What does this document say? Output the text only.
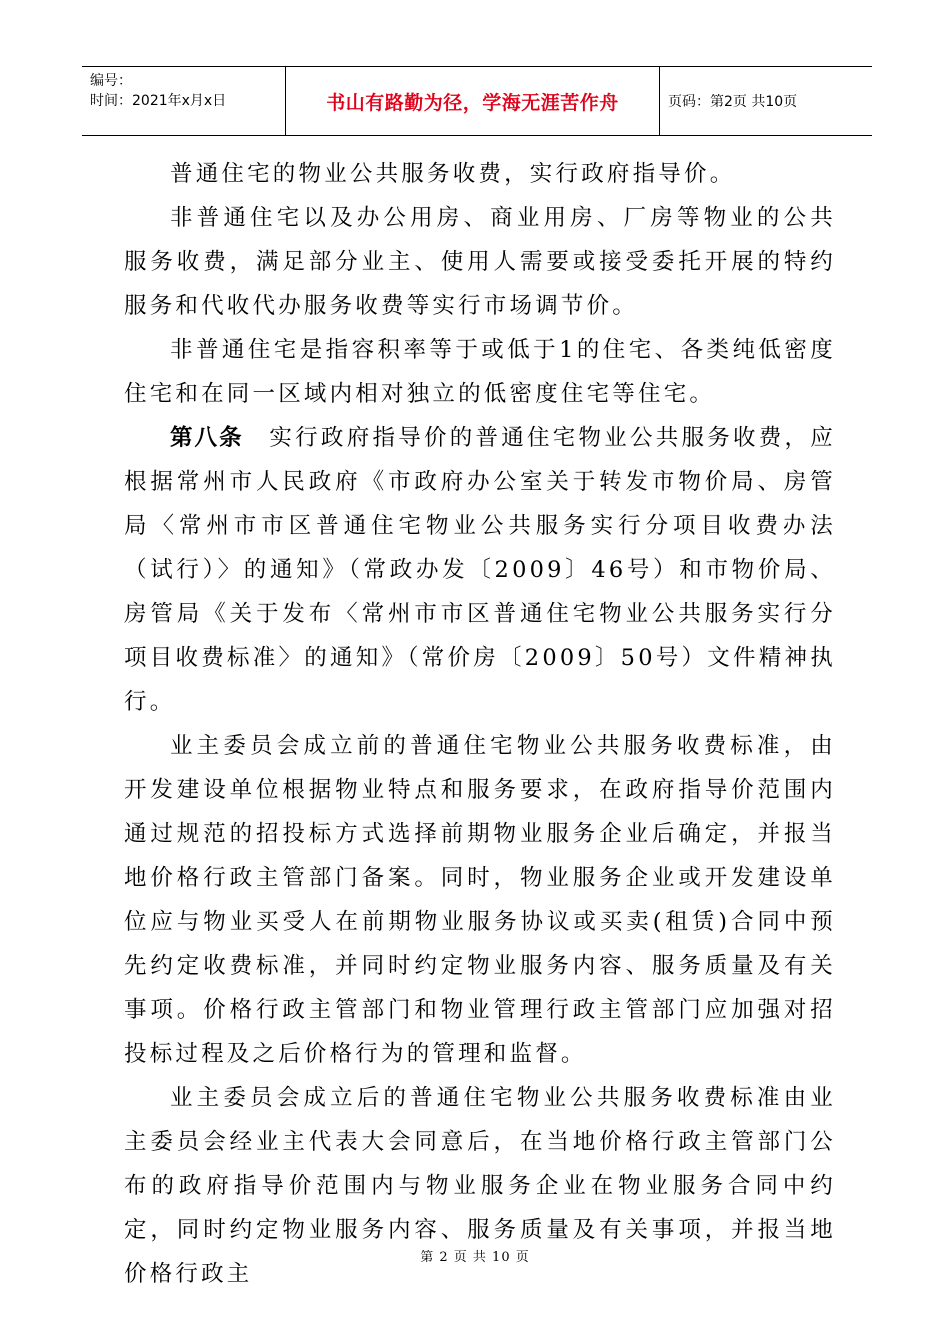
编号：
时间：2021年x月x日	书山有路勤为径，学海无涯苦作舟	页码：第2页 共10页

普通住宅的物业公共服务收费，实行政府指导价。

非普通住宅以及办公用房、商业用房、厂房等物业的公共服务收费，满足部分业主、使用人需要或接受委托开展的特约服务和代收代办服务收费等实行市场调节价。

非普通住宅是指容积率等于或低于1的住宅、各类纯低密度住宅和在同一区域内相对独立的低密度住宅等住宅。

第八条　实行政府指导价的普通住宅物业公共服务收费，应根据常州市人民政府《市政府办公室关于转发市物价局、房管局〈常州市市区普通住宅物业公共服务实行分项目收费办法（试行）〉的通知》（常政办发〔2009〕46号）和市物价局、房管局《关于发布〈常州市市区普通住宅物业公共服务实行分项目收费标准〉的通知》（常价房〔2009〕50号）文件精神执行。

业主委员会成立前的普通住宅物业公共服务收费标准，由开发建设单位根据物业特点和服务要求，在政府指导价范围内通过规范的招投标方式选择前期物业服务企业后确定，并报当地价格行政主管部门备案。同时，物业服务企业或开发建设单位应与物业买受人在前期物业服务协议或买卖(租赁)合同中预先约定收费标准，并同时约定物业服务内容、服务质量及有关事项。价格行政主管部门和物业管理行政主管部门应加强对招投标过程及之后价格行为的管理和监督。

业主委员会成立后的普通住宅物业公共服务收费标准由业主委员会经业主代表大会同意后，在当地价格行政主管部门公布的政府指导价范围内与物业服务企业在物业服务合同中约定，同时约定物业服务内容、服务质量及有关事项，并报当地价格行政主

第 2 页 共 10 页
